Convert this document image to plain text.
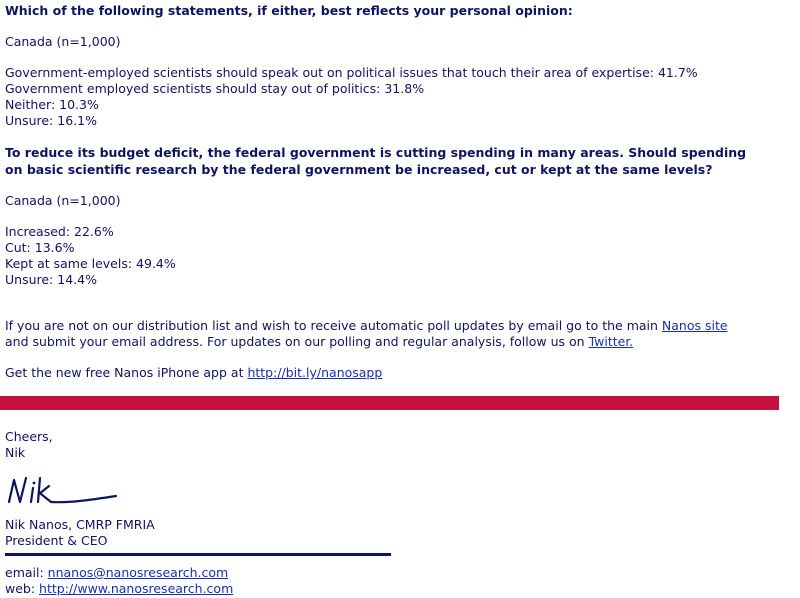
Which of the following statements, if either, best reflects your personal opinion:

Canada (n=1,000)

Government-employed scientists should speak out on political issues that touch their area of expertise: 41.7%

Government employed scientists should stay out of politics: 31.8%

Neither: 10.3%

Unsure: 16.1%

To reduce its budget deficit, the federal government is cutting spending in many areas. Should spending

on basic scientific research by the federal government be increased, cut or kept at the same levels?

Canada (n=1,000)

Increased: 22.6%

Cut: 13.6%

Kept at same levels: 49.4%

Unsure: 14.4%

If you are not on our distribution list and wish to receive automatic poll updates by email go to the main Nanos site

and submit your email address. For updates on our polling and regular analysis, follow us on Twitter.

Get the new free Nanos iPhone app at http://bit.ly/nanosapp

Cheers,

Nik

Nik Nanos, CMRP FMRIA

President & CEO

email: nnanos@nanosresearch.com

web: http://www.nanosresearch.com
